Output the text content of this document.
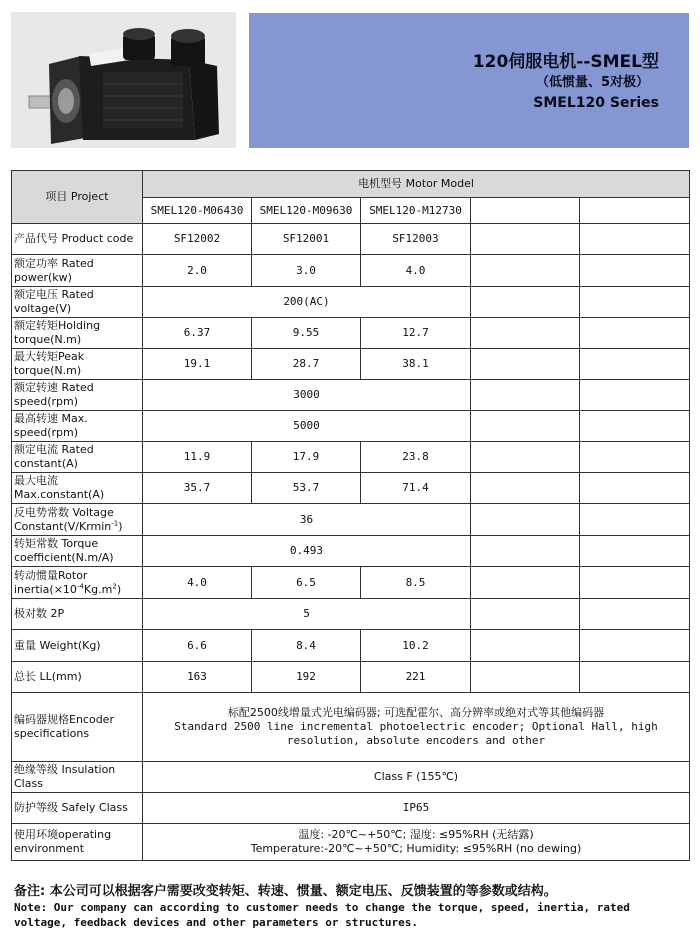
120伺服电机--SMEL型
（低惯量、5对极）
SMEL120 Series
项目 Project	电机型号 Motor Model				
	SMEL120-M06430	SMEL120-M09630	SMEL120-M12730		
产品代号 Product code	SF12002	SF12001	SF12003		
额定功率 Rated power(kw)	2.0	3.0	4.0		
额定电压 Rated voltage(V)	200(AC)				
额定转矩Holding torque(N.m)	6.37	9.55	12.7		
最大转矩Peak torque(N.m)	19.1	28.7	38.1		
额定转速 Rated speed(rpm)	3000				
最高转速 Max. speed(rpm)	5000				
额定电流 Rated constant(A)	11.9	17.9	23.8		
最大电流 Max.constant(A)	35.7	53.7	71.4		
反电势常数 Voltage
Constant(V/Krmin$^{-1}$)	36				
转矩常数 Torque coefficient(N.m/A)	0.493				
转动惯量Rotor
$inertia(\times 10^{-4}Kg.m^2)$	4.0	6.5	8.5		
极对数 2P	5				
重量 Weight(Kg)	6.6	8.4	10.2		
总长 LL(mm)	163	192	221		
编码器规格Encoder specifications	标配2500线增量式光电编码器; 可选配霍尔、高分辨率或绝对式等其他编码器
Standard 2500 line incremental photoelectric encoder; Optional Hall, high resolution, absolute encoders and other				

绝缘等级 Insulation Class	Class F (155℃)				
防护等级 Safely Class	IP65				
使用环境operating environment	温度: -20℃~+50℃; 湿度: ≤95%RH (无结露)
Temperature:-20℃~+50℃; Humidity: ≤95%RH (no dewing)				
备注: 本公司可以根据客户需要改变转矩、转速、惯量、额定电压、反馈装置的等参数或结构。
Note: Our company can according to customer needs to change the torque, speed, inertia, rated voltage, feedback devices and other parameters or structures.
